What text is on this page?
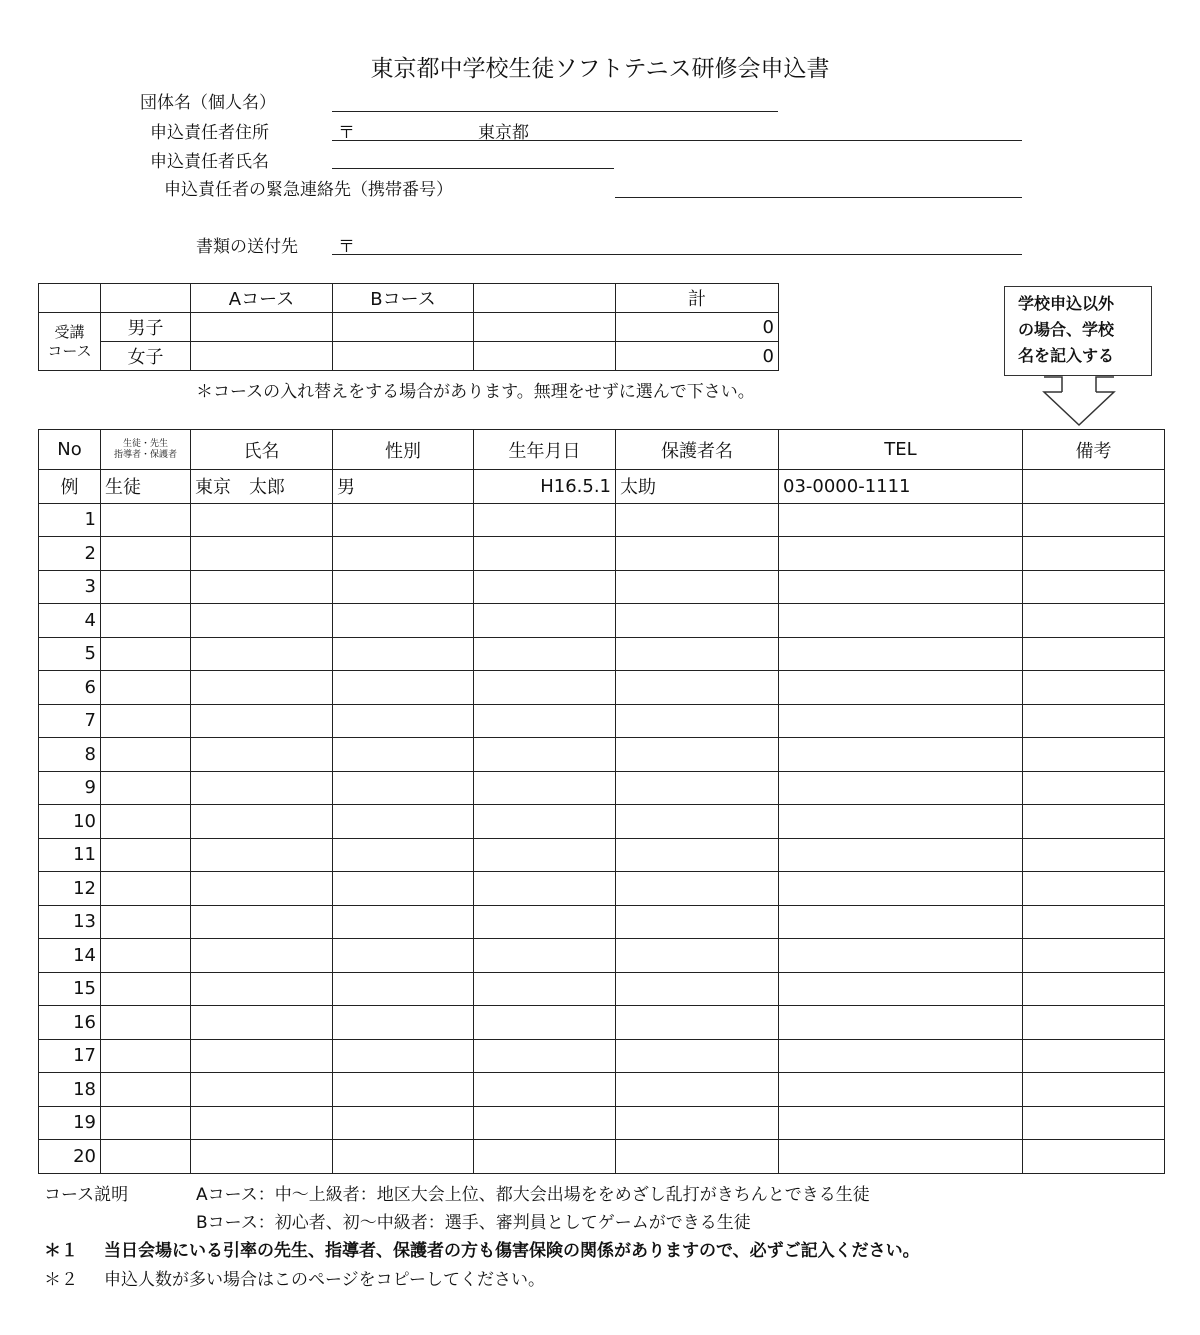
東京都中学校生徒ソフトテニス研修会申込書
団体名（個人名）
申込責任者住所	〒	東京都
申込責任者氏名
申込責任者の緊急連絡先（携帯番号）
書類の送付先 〒
		Aコース	Bコース		計

受講
コース	男子				0
	女子				0
＊コースの入れ替えをする場合があります。無理をせずに選んで下さい。
学校申込以外
の場合、学校
名を記入する
No	生徒・先生
指導者・保護者	氏名	性別	生年月日	保護者名	TEL	備考
例	生徒	東京　太郎	男	H16.5.1	太助	03-0000-1111	
1							
2							
3							
4							
5							
6							
7							
8							
9							
10							
11							
12							
13							
14							
15							
16							
17							
18							
19							
20							
コース説明	Aコース：中～上級者：地区大会上位、都大会出場ををめざし乱打がきちんとできる生徒
Bコース：初心者、初～中級者：選手、審判員としてゲームができる生徒
＊１ 当日会場にいる引率の先生、指導者、保護者の方も傷害保険の関係がありますので、必ずご記入ください。
＊２ 申込人数が多い場合はこのページをコピーしてください。
